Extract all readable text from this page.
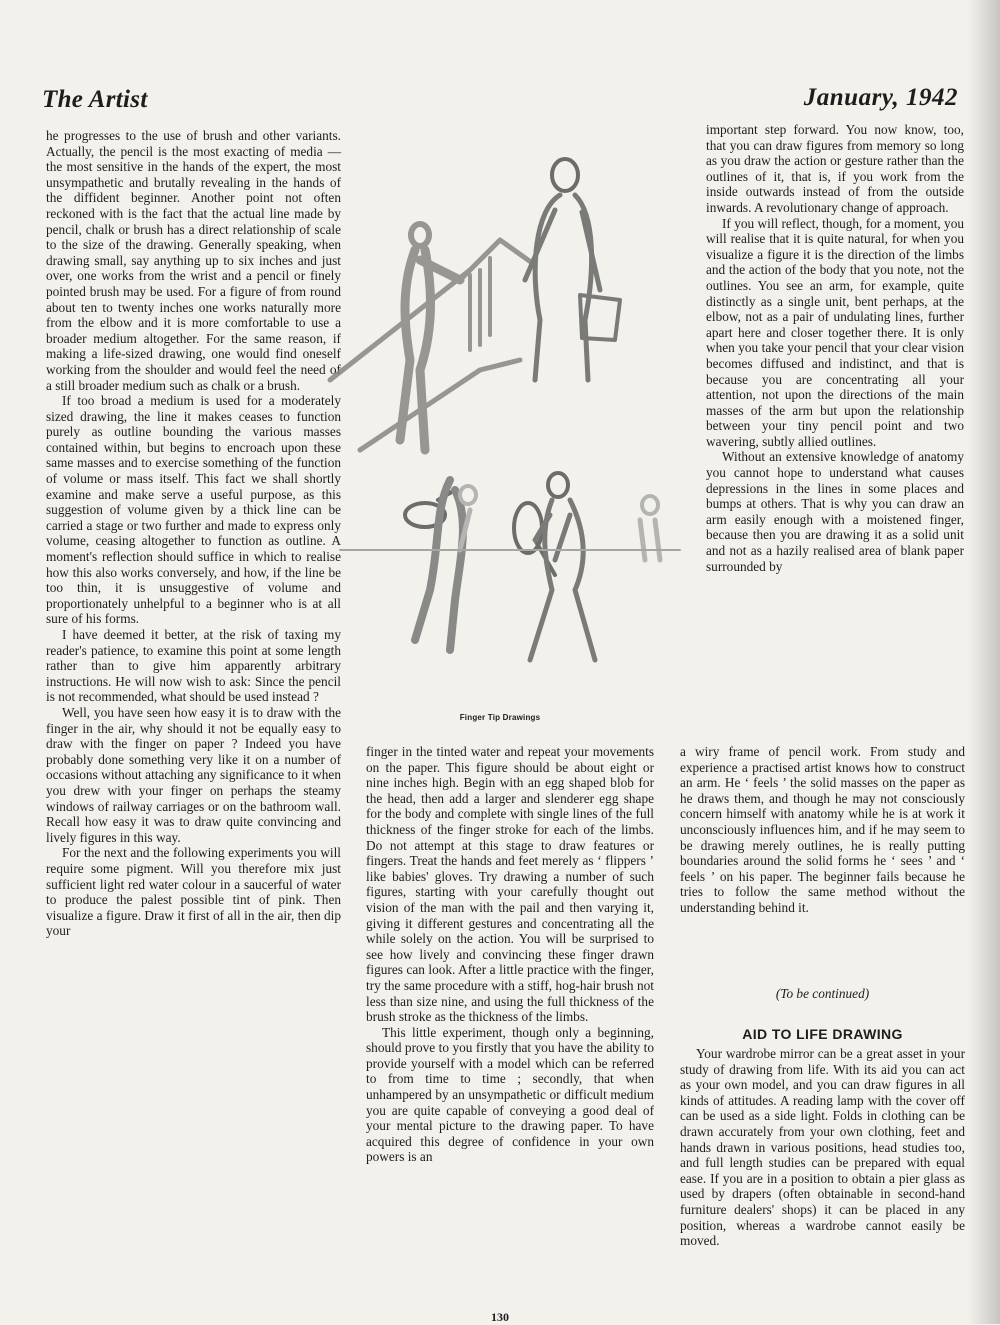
The Artist	January, 1942

he progresses to the use of brush and other variants. Actually, the pencil is the most exacting of media —the most sensitive in the hands of the expert, the most unsympathetic and brutally revealing in the hands of the diffident beginner. Another point not often reckoned with is the fact that the actual line made by pencil, chalk or brush has a direct relationship of scale to the size of the drawing. Generally speaking, when drawing small, say anything up to six inches and just over, one works from the wrist and a pencil or finely pointed brush may be used. For a figure of from round about ten to twenty inches one works naturally more from the elbow and it is more comfortable to use a broader medium altogether. For the same reason, if making a life-sized drawing, one would find oneself working from the shoulder and would feel the need of a still broader medium such as chalk or a brush.

If too broad a medium is used for a moderately sized drawing, the line it makes ceases to function purely as outline bounding the various masses contained within, but begins to encroach upon these same masses and to exercise something of the function of volume or mass itself. This fact we shall shortly examine and make serve a useful purpose, as this suggestion of volume given by a thick line can be carried a stage or two further and made to express only volume, ceasing altogether to function as outline. A moment's reflection should suffice in which to realise how this also works conversely, and how, if the line be too thin, it is unsuggestive of volume and proportionately unhelpful to a beginner who is at all sure of his forms.

I have deemed it better, at the risk of taxing my reader's patience, to examine this point at some length rather than to give him apparently arbitrary instructions. He will now wish to ask: Since the pencil is not recommended, what should be used instead ?

Well, you have seen how easy it is to draw with the finger in the air, why should it not be equally easy to draw with the finger on paper ? Indeed you have probably done something very like it on a number of occasions without attaching any significance to it when you drew with your finger on perhaps the steamy windows of railway carriages or on the bathroom wall. Recall how easy it was to draw quite convincing and lively figures in this way.

For the next and the following experiments you will require some pigment. Will you therefore mix just sufficient light red water colour in a saucerful of water to produce the palest possible tint of pink. Then visualize a figure. Draw it first of all in the air, then dip your

Finger Tip Drawings

important step forward. You now know, too, that you can draw figures from memory so long as you draw the action or gesture rather than the outlines of it, that is, if you work from the inside outwards instead of from the outside inwards. A revolutionary change of approach.

If you will reflect, though, for a moment, you will realise that it is quite natural, for when you visualize a figure it is the direction of the limbs and the action of the body that you note, not the outlines. You see an arm, for example, quite distinctly as a single unit, bent perhaps, at the elbow, not as a pair of undulating lines, further apart here and closer together there. It is only when you take your pencil that your clear vision becomes diffused and indistinct, and that is because you are concentrating all your attention, not upon the directions of the main masses of the arm but upon the relationship between your tiny pencil point and two wavering, subtly allied outlines.

Without an extensive knowledge of anatomy you cannot hope to understand what causes depressions in the lines in some places and bumps at others. That is why you can draw an arm easily enough with a moistened finger, because then you are drawing it as a solid unit and not as a hazily realised area of blank paper surrounded by

finger in the tinted water and repeat your movements on the paper. This figure should be about eight or nine inches high. Begin with an egg shaped blob for the head, then add a larger and slenderer egg shape for the body and complete with single lines of the full thickness of the finger stroke for each of the limbs. Do not attempt at this stage to draw features or fingers. Treat the hands and feet merely as ‘ flippers ’ like babies' gloves. Try drawing a number of such figures, starting with your carefully thought out vision of the man with the pail and then varying it, giving it different gestures and concentrating all the while solely on the action. You will be surprised to see how lively and convincing these finger drawn figures can look. After a little practice with the finger, try the same procedure with a stiff, hog-hair brush not less than size nine, and using the full thickness of the brush stroke as the thickness of the limbs.

This little experiment, though only a beginning, should prove to you firstly that you have the ability to provide yourself with a model which can be referred to from time to time ; secondly, that when unhampered by an unsympathetic or difficult medium you are quite capable of conveying a good deal of your mental picture to the drawing paper. To have acquired this degree of confidence in your own powers is an

a wiry frame of pencil work. From study and experience a practised artist knows how to construct an arm. He ‘ feels ’ the solid masses on the paper as he draws them, and though he may not consciously concern himself with anatomy while he is at work it unconsciously influences him, and if he may seem to be drawing merely outlines, he is really putting boundaries around the solid forms he ‘ sees ’ and ‘ feels ’ on his paper. The beginner fails because he tries to follow the same method without the understanding behind it.

(To be continued)
AID TO LIFE DRAWING

Your wardrobe mirror can be a great asset in your study of drawing from life. With its aid you can act as your own model, and you can draw figures in all kinds of attitudes. A reading lamp with the cover off can be used as a side light. Folds in clothing can be drawn accurately from your own clothing, feet and hands drawn in various positions, head studies too, and full length studies can be prepared with equal ease. If you are in a position to obtain a pier glass as used by drapers (often obtainable in second-hand furniture dealers' shops) it can be placed in any position, whereas a wardrobe cannot easily be moved.

130
